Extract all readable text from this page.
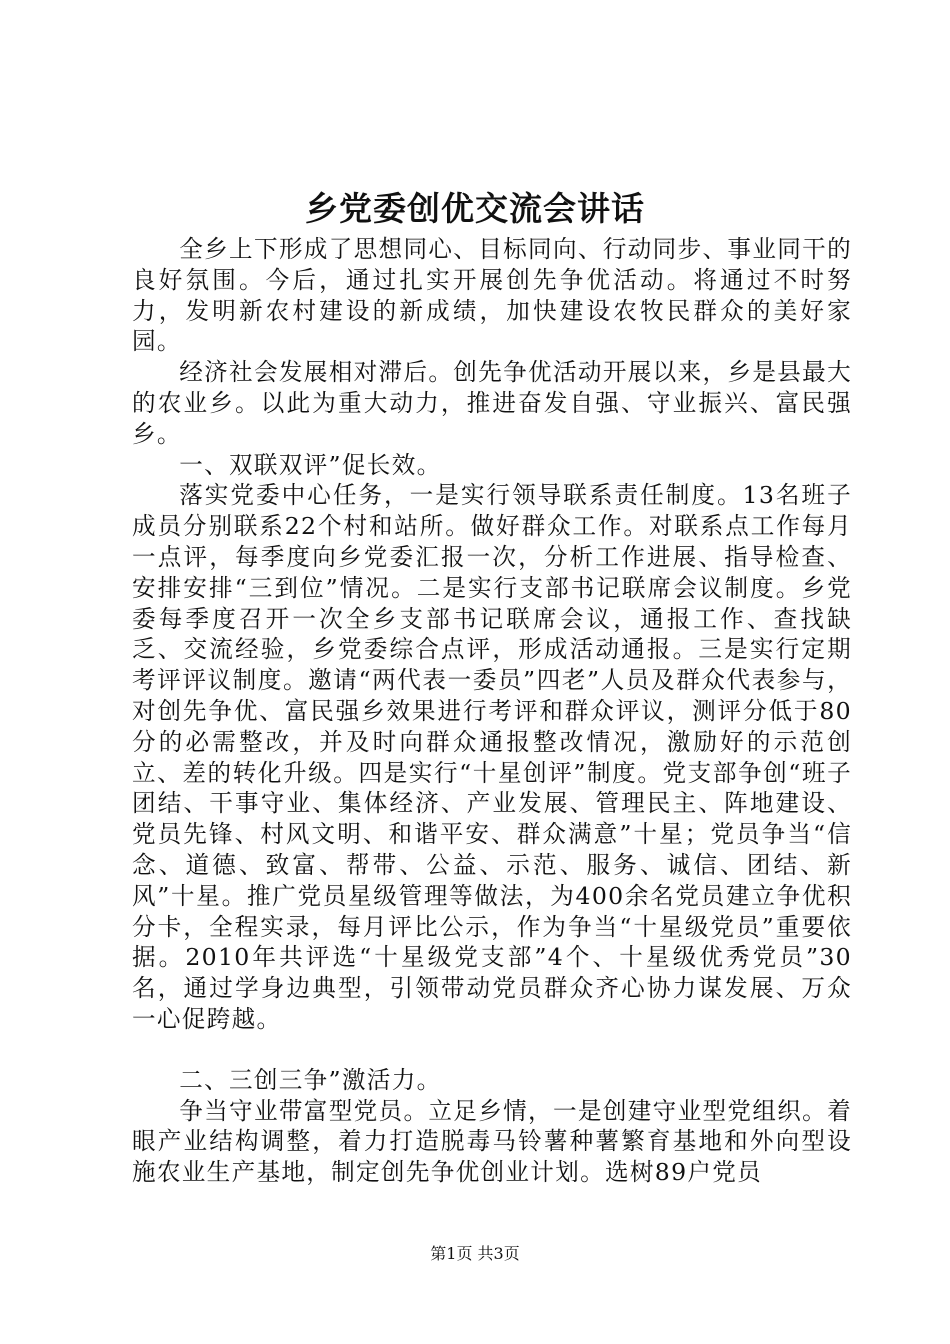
乡党委创优交流会讲话

全乡上下形成了思想同心、目标同向、行动同步、事业同干的良好氛围。今后，通过扎实开展创先争优活动。将通过不时努力，发明新农村建设的新成绩，加快建设农牧民群众的美好家园。

经济社会发展相对滞后。创先争优活动开展以来，乡是县最大的农业乡。以此为重大动力，推进奋发自强、守业振兴、富民强乡。

一、双联双评”促长效。

落实党委中心任务，一是实行领导联系责任制度。13名班子成员分别联系22个村和站所。做好群众工作。对联系点工作每月一点评，每季度向乡党委汇报一次，分析工作进展、指导检查、安排安排“三到位”情况。二是实行支部书记联席会议制度。乡党委每季度召开一次全乡支部书记联席会议，通报工作、查找缺乏、交流经验，乡党委综合点评，形成活动通报。三是实行定期考评评议制度。邀请“两代表一委员”四老”人员及群众代表参与，对创先争优、富民强乡效果进行考评和群众评议，测评分低于80分的必需整改，并及时向群众通报整改情况，激励好的示范创立、差的转化升级。四是实行“十星创评”制度。党支部争创“班子团结、干事守业、集体经济、产业发展、管理民主、阵地建设、党员先锋、村风文明、和谐平安、群众满意”十星；党员争当“信念、道德、致富、帮带、公益、示范、服务、诚信、团结、新风”十星。推广党员星级管理等做法，为400余名党员建立争优积分卡，全程实录，每月评比公示，作为争当“十星级党员”重要依据。2010年共评选“十星级党支部”4个、十星级优秀党员”30名，通过学身边典型，引领带动党员群众齐心协力谋发展、万众一心促跨越。

二、三创三争”激活力。

争当守业带富型党员。立足乡情，一是创建守业型党组织。着眼产业结构调整，着力打造脱毒马铃薯种薯繁育基地和外向型设施农业生产基地，制定创先争优创业计划。选树89户党员

第1页 共3页
